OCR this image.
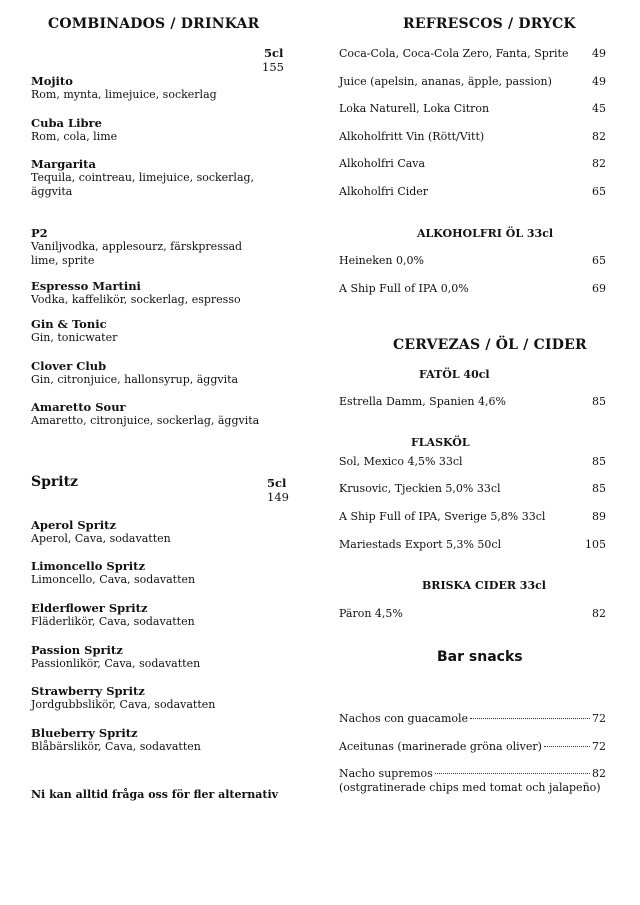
COMBINADOS / DRINKAR
5cl
155
Mojito
Rom, mynta, limejuice, sockerlag
Cuba Libre
Rom, cola, lime
Margarita
Tequila, cointreau, limejuice, sockerlag,
äggvita
P2
Vaniljvodka, applesourz, färskpressad
lime, sprite
Espresso Martini
Vodka, kaffelikör, sockerlag, espresso
Gin & Tonic
Gin, tonicwater
Clover Club
Gin, citronjuice, hallonsyrup, äggvita
Amaretto Sour
Amaretto, citronjuice, sockerlag, äggvita
Spritz	5cl
149
Aperol Spritz
Aperol, Cava, sodavatten
Limoncello Spritz
Limoncello, Cava, sodavatten
Elderflower Spritz
Fläderlikör, Cava, sodavatten
Passion Spritz
Passionlikör, Cava, sodavatten
Strawberry Spritz
Jordgubbslikör, Cava, sodavatten
Blueberry Spritz
Blåbärslikör, Cava, sodavatten
Ni kan alltid fråga oss för fler alternativ
REFRESCOS / DRYCK
Coca-Cola, Coca-Cola Zero, Fanta, Sprite 49
Juice (apelsin, ananas, äpple, passion)	49
Loka Naturell, Loka Citron	45
Alkoholfritt Vin (Rött/Vitt)	82
Alkoholfri Cava	82
Alkoholfri Cider	65
ALKOHOLFRI ÖL 33cl
Heineken 0,0%	65
A Ship Full of IPA 0,0%	69
CERVEZAS / ÖL / CIDER
FATÖL 40cl
Estrella Damm, Spanien 4,6%	85
FLASKÖL
Sol, Mexico 4,5% 33cl	85
Krusovic, Tjeckien 5,0% 33cl	85
A Ship Full of IPA, Sverige 5,8% 33cl	89
Mariestads Export 5,3% 50cl	105
BRISKA CIDER 33cl
Päron 4,5%	82
Bar snacks
Nachos con guacamole	72
Aceitunas (marinerade gröna oliver)	72
Nacho supremos	82
(ostgratinerade chips med tomat och jalapeño)
